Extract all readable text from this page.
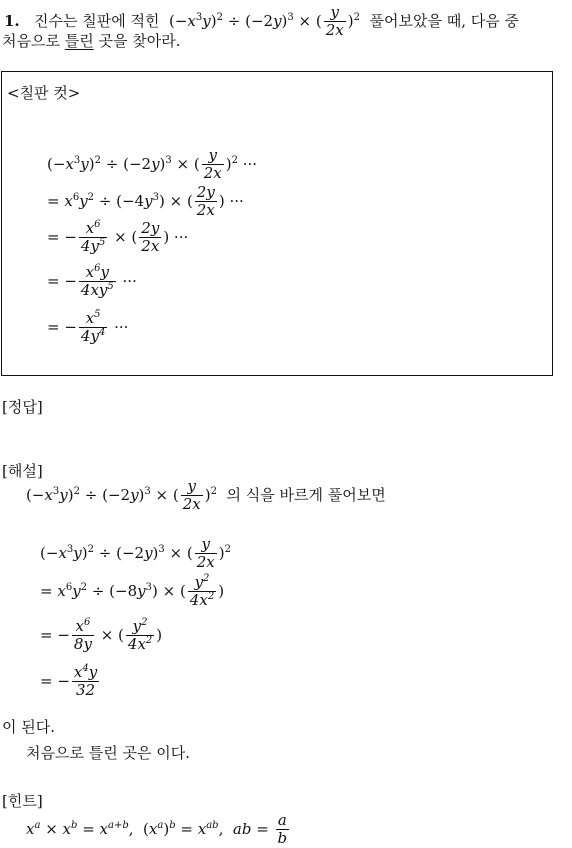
1. 진수는 칠판에 적힌 $(-x^3y)^2 \div (-2y)^3$ × ( $\frac{y}{2x} )^2$ 풀어보았을 때, 다음 중
처음으로 틀린 곳을 찾아라.
<칠판 컷>
$(-x^3y)^2 \div (-2y)^3$ × ( $\frac{y}{2x} )^2$ ···
= $x^6y^2 \div (-4y^3)$ × ( $\frac{2y}{2x}$ ) ···
= − $\frac{x^6}{4y^5}$ × ( $\frac{2y}{2x}$ ) ···
= − $\frac{x^6y}{4xy^5}$ ···
= − $\frac{x^5}{4y^4}$ ···
[정답]
[해설]
$(-x^3y)^2 \div (-2y)^3$ × ( $\frac{y}{2x} )^2$ 의 식을 바르게 풀어보면
$(-x^3y)^2 \div (-2y)^3$ × ( $\frac{y}{2x} )^2$
= $x^6y^2 \div (-8y^3)$ × ( $\frac{y^2}{4x^2}$ )
= − $\frac{x^6}{8y}$ × ( $\frac{y^2}{4x^2}$ )
= − $\frac{x^4y}{32}$
이 된다.
처음으로 틀린 곳은 이다.
[힌트]
$x^a \times x^b = x^{a+b}$,  $(x^a)^b = x^{ab}$,  ab = $\frac{a}{b}$
